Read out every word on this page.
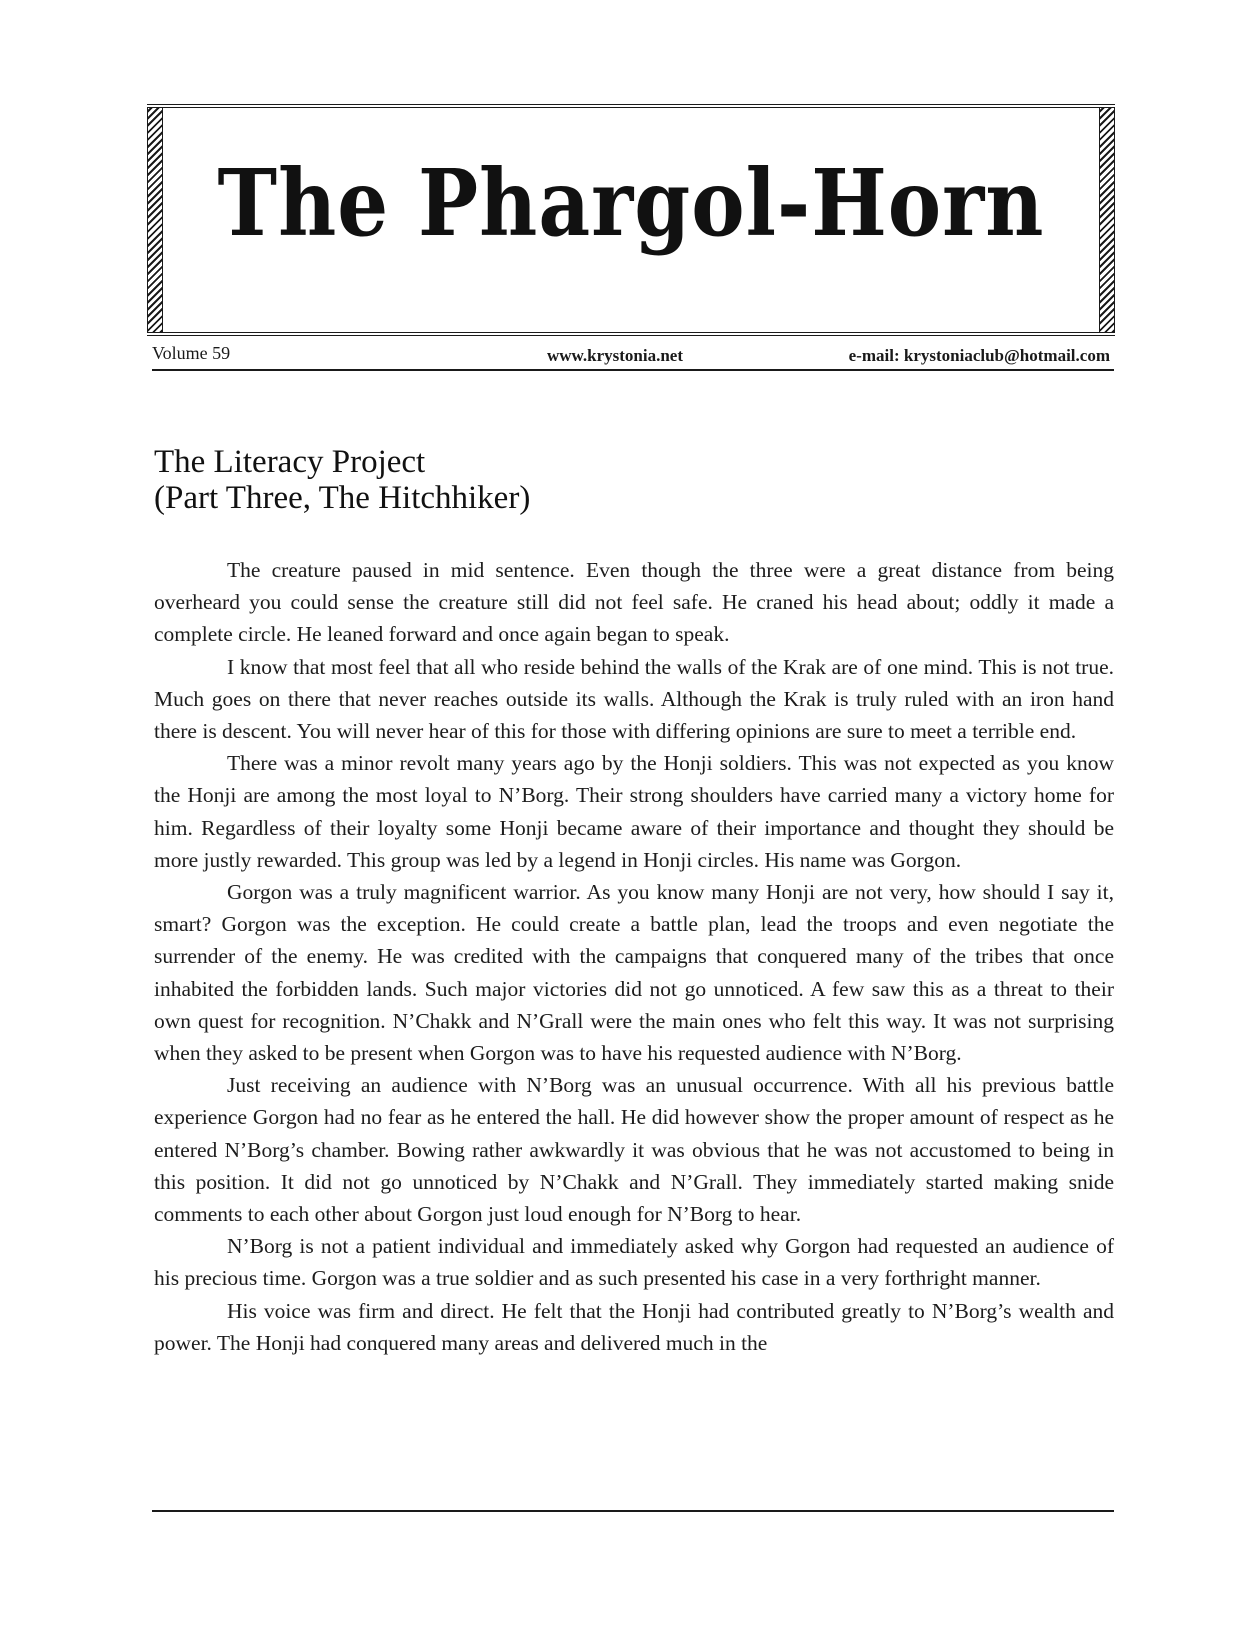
The Phargol-Horn
Volume 59	www.krystonia.net	e-mail: krystoniaclub@hotmail.com
The Literacy Project
(Part Three, The Hitchhiker)

The creature paused in mid sentence. Even though the three were a great distance from being overheard you could sense the creature still did not feel safe. He craned his head about; oddly it made a complete circle. He leaned forward and once again began to speak.

I know that most feel that all who reside behind the walls of the Krak are of one mind. This is not true. Much goes on there that never reaches outside its walls. Although the Krak is truly ruled with an iron hand there is descent. You will never hear of this for those with differing opinions are sure to meet a terrible end.

There was a minor revolt many years ago by the Honji soldiers. This was not expected as you know the Honji are among the most loyal to N’Borg. Their strong shoulders have carried many a victory home for him. Regardless of their loyalty some Honji became aware of their importance and thought they should be more justly rewarded. This group was led by a legend in Honji circles. His name was Gorgon.

Gorgon was a truly magnificent warrior. As you know many Honji are not very, how should I say it, smart? Gorgon was the exception. He could create a battle plan, lead the troops and even negotiate the surrender of the enemy. He was credited with the campaigns that conquered many of the tribes that once inhabited the forbidden lands. Such major victories did not go unnoticed. A few saw this as a threat to their own quest for recognition. N’Chakk and N’Grall were the main ones who felt this way. It was not surprising when they asked to be present when Gorgon was to have his requested audience with N’Borg.

Just receiving an audience with N’Borg was an unusual occurrence. With all his previous battle experience Gorgon had no fear as he entered the hall. He did however show the proper amount of respect as he entered N’Borg’s chamber. Bowing rather awkwardly it was obvious that he was not accustomed to being in this position. It did not go unnoticed by N’Chakk and N’Grall. They immediately started making snide comments to each other about Gorgon just loud enough for N’Borg to hear.

N’Borg is not a patient individual and immediately asked why Gorgon had requested an audience of his precious time. Gorgon was a true soldier and as such presented his case in a very forthright manner.

His voice was firm and direct. He felt that the Honji had contributed greatly to N’Borg’s wealth and power. The Honji had conquered many areas and delivered much in the
